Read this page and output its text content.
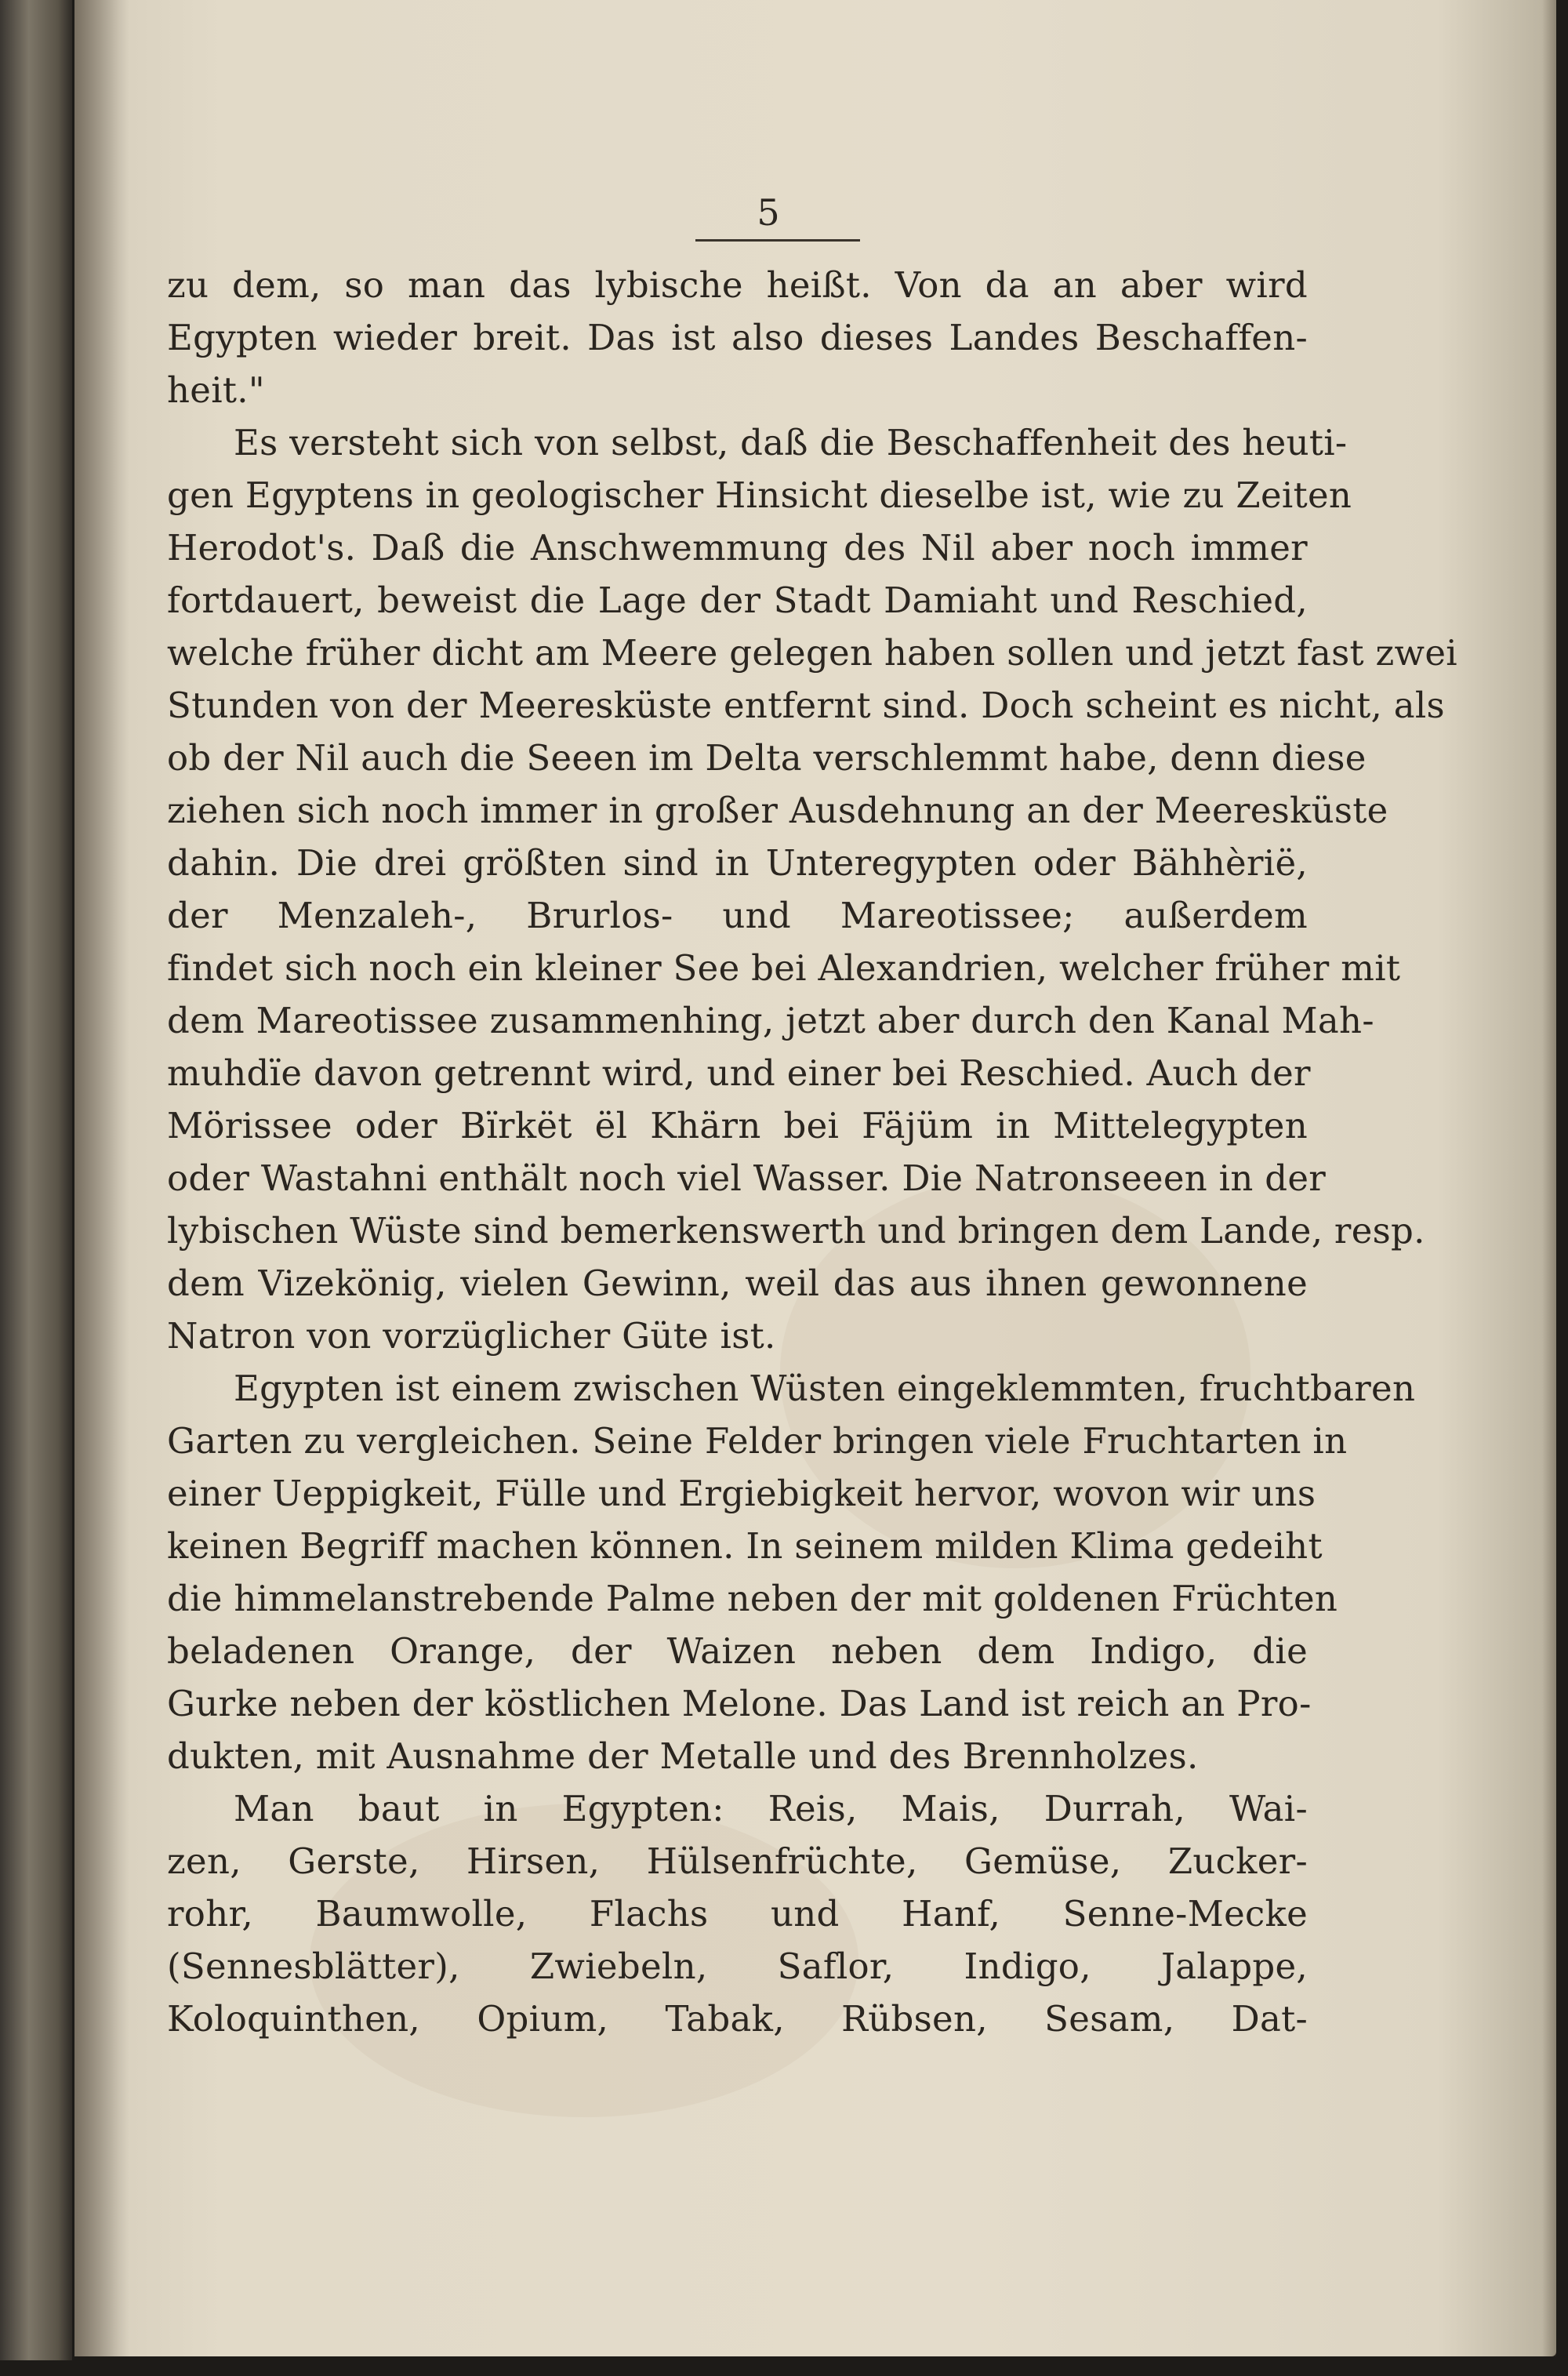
5
zu dem, so man das lybische heißt. Von da an aber wird
Egypten wieder breit. Das ist also dieses Landes Beschaffen-
heit."
Es versteht sich von selbst, daß die Beschaffenheit des heuti-
gen Egyptens in geologischer Hinsicht dieselbe ist, wie zu Zeiten
Herodot's. Daß die Anschwemmung des Nil aber noch immer
fortdauert, beweist die Lage der Stadt Damiaht und Reschied,
welche früher dicht am Meere gelegen haben sollen und jetzt fast zwei
Stunden von der Meeresküste entfernt sind. Doch scheint es nicht, als
ob der Nil auch die Seeen im Delta verschlemmt habe, denn diese
ziehen sich noch immer in großer Ausdehnung an der Meeresküste
dahin. Die drei größten sind in Unteregypten oder Bähhèrië,
der Menzaleh-, Brurlos- und Mareotissee; außerdem
findet sich noch ein kleiner See bei Alexandrien, welcher früher mit
dem Mareotissee zusammenhing, jetzt aber durch den Kanal Mah-
muhdïe davon getrennt wird, und einer bei Reschied. Auch der
Mörissee oder Bïrkët ël Khärn bei Fäjüm in Mittelegypten
oder Wastahni enthält noch viel Wasser. Die Natronseeen in der
lybischen Wüste sind bemerkenswerth und bringen dem Lande, resp.
dem Vizekönig, vielen Gewinn, weil das aus ihnen gewonnene
Natron von vorzüglicher Güte ist.
Egypten ist einem zwischen Wüsten eingeklemmten, fruchtbaren
Garten zu vergleichen. Seine Felder bringen viele Fruchtarten in
einer Ueppigkeit, Fülle und Ergiebigkeit hervor, wovon wir uns
keinen Begriff machen können. In seinem milden Klima gedeiht
die himmelanstrebende Palme neben der mit goldenen Früchten
beladenen Orange, der Waizen neben dem Indigo, die
Gurke neben der köstlichen Melone. Das Land ist reich an Pro-
dukten, mit Ausnahme der Metalle und des Brennholzes.
Man baut in Egypten: Reis, Mais, Durrah, Wai-
zen, Gerste, Hirsen, Hülsenfrüchte, Gemüse, Zucker-
rohr, Baumwolle, Flachs und Hanf, Senne-Mecke
(Sennesblätter), Zwiebeln, Saflor, Indigo, Jalappe,
Koloquinthen, Opium, Tabak, Rübsen, Sesam, Dat-
